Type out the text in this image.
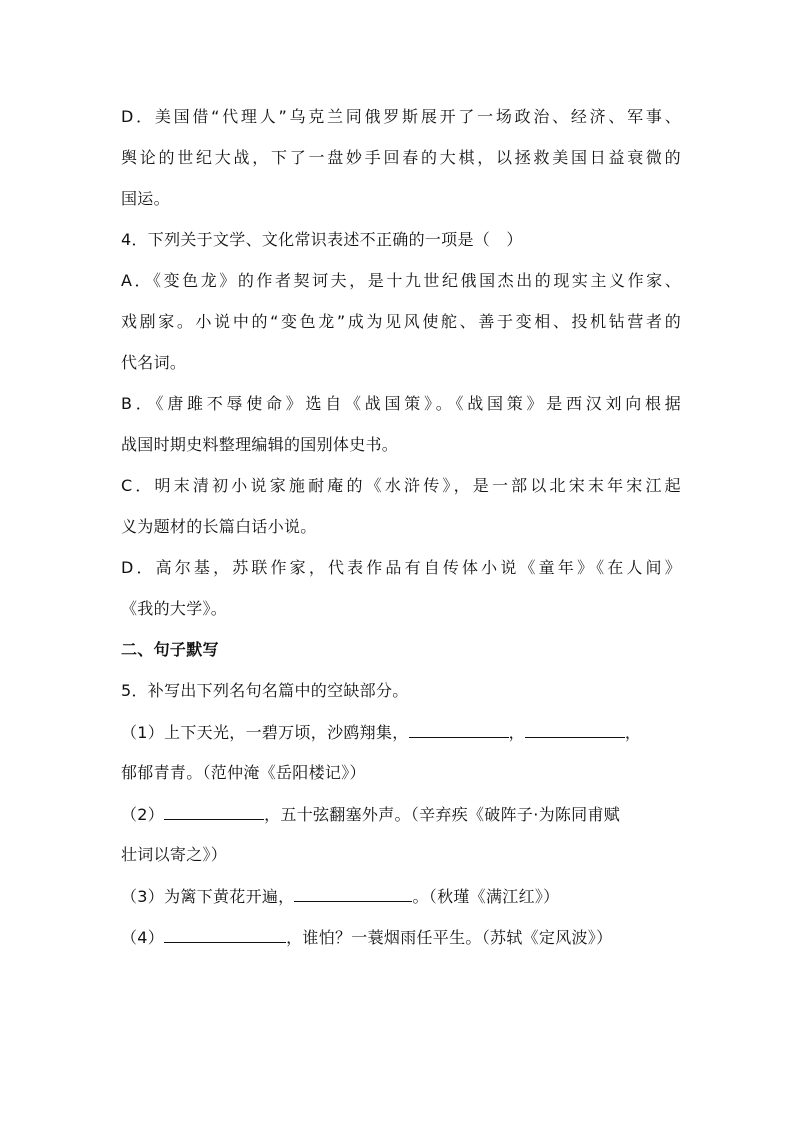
D．美国借“代理人”乌克兰同俄罗斯展开了一场政治、经济、军事、
舆论的世纪大战，下了一盘妙手回春的大棋，以拯救美国日益衰微的
国运。
4．下列关于文学、文化常识表述不正确的一项是（　）
A．《变色龙》的作者契诃夫，是十九世纪俄国杰出的现实主义作家、
戏剧家。小说中的“变色龙”成为见风使舵、善于变相、投机钻营者的
代名词。
B．《唐雎不辱使命》选自《战国策》。《战国策》是西汉刘向根据
战国时期史料整理编辑的国别体史书。
C．明末清初小说家施耐庵的《水浒传》，是一部以北宋末年宋江起
义为题材的长篇白话小说。
D．高尔基，苏联作家，代表作品有自传体小说《童年》《在人间》
《我的大学》。
二、句子默写
5．补写出下列名句名篇中的空缺部分。
（1）上下天光，一碧万顷，沙鸥翔集，	，	，
郁郁青青。（范仲淹《岳阳楼记》）
（2）	，五十弦翻塞外声。（辛弃疾《破阵子·为陈同甫赋
壮词以寄之》）
（3）为篱下黄花开遍，	。（秋瑾《满江红》）
（4）	，谁怕？一蓑烟雨任平生。（苏轼《定风波》）
